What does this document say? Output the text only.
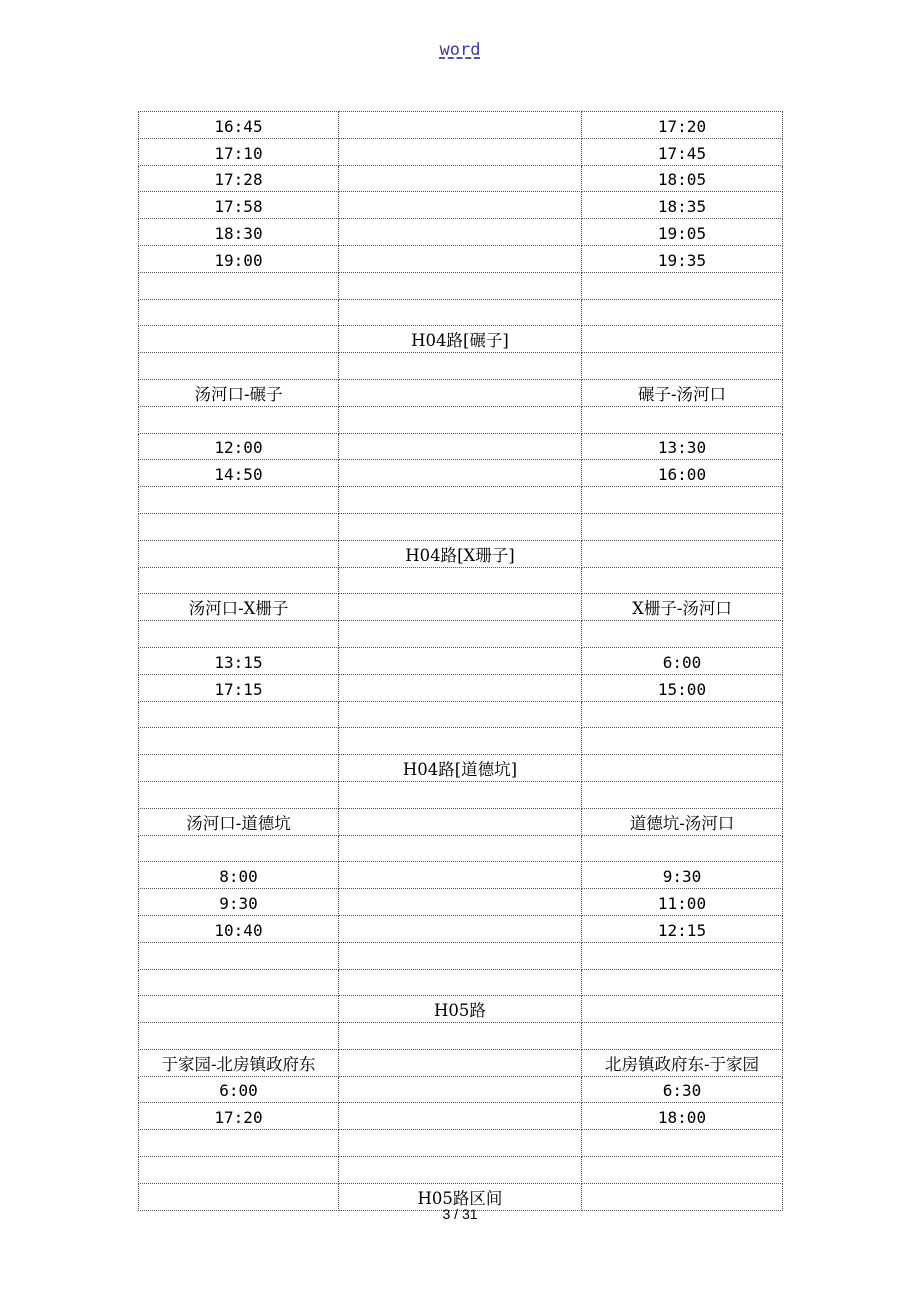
word
16:45		17:20
17:10		17:45
17:28		18:05
17:58		18:35
18:30		19:05
19:00		19:35

	H04路[碾子]	

汤河口-碾子		碾子-汤河口

12:00		13:30
14:50		16:00

	H04路[X珊子]	

汤河口-X栅子		X栅子-汤河口

13:15		6:00
17:15		15:00

	H04路[道德坑]	

汤河口-道德坑		道德坑-汤河口

8:00		9:30
9:30		11:00
10:40		12:15

	H05路	

于家园-北房镇政府东		北房镇政府东-于家园
6:00		6:30
17:20		18:00

	H05路区间	
3 / 31
